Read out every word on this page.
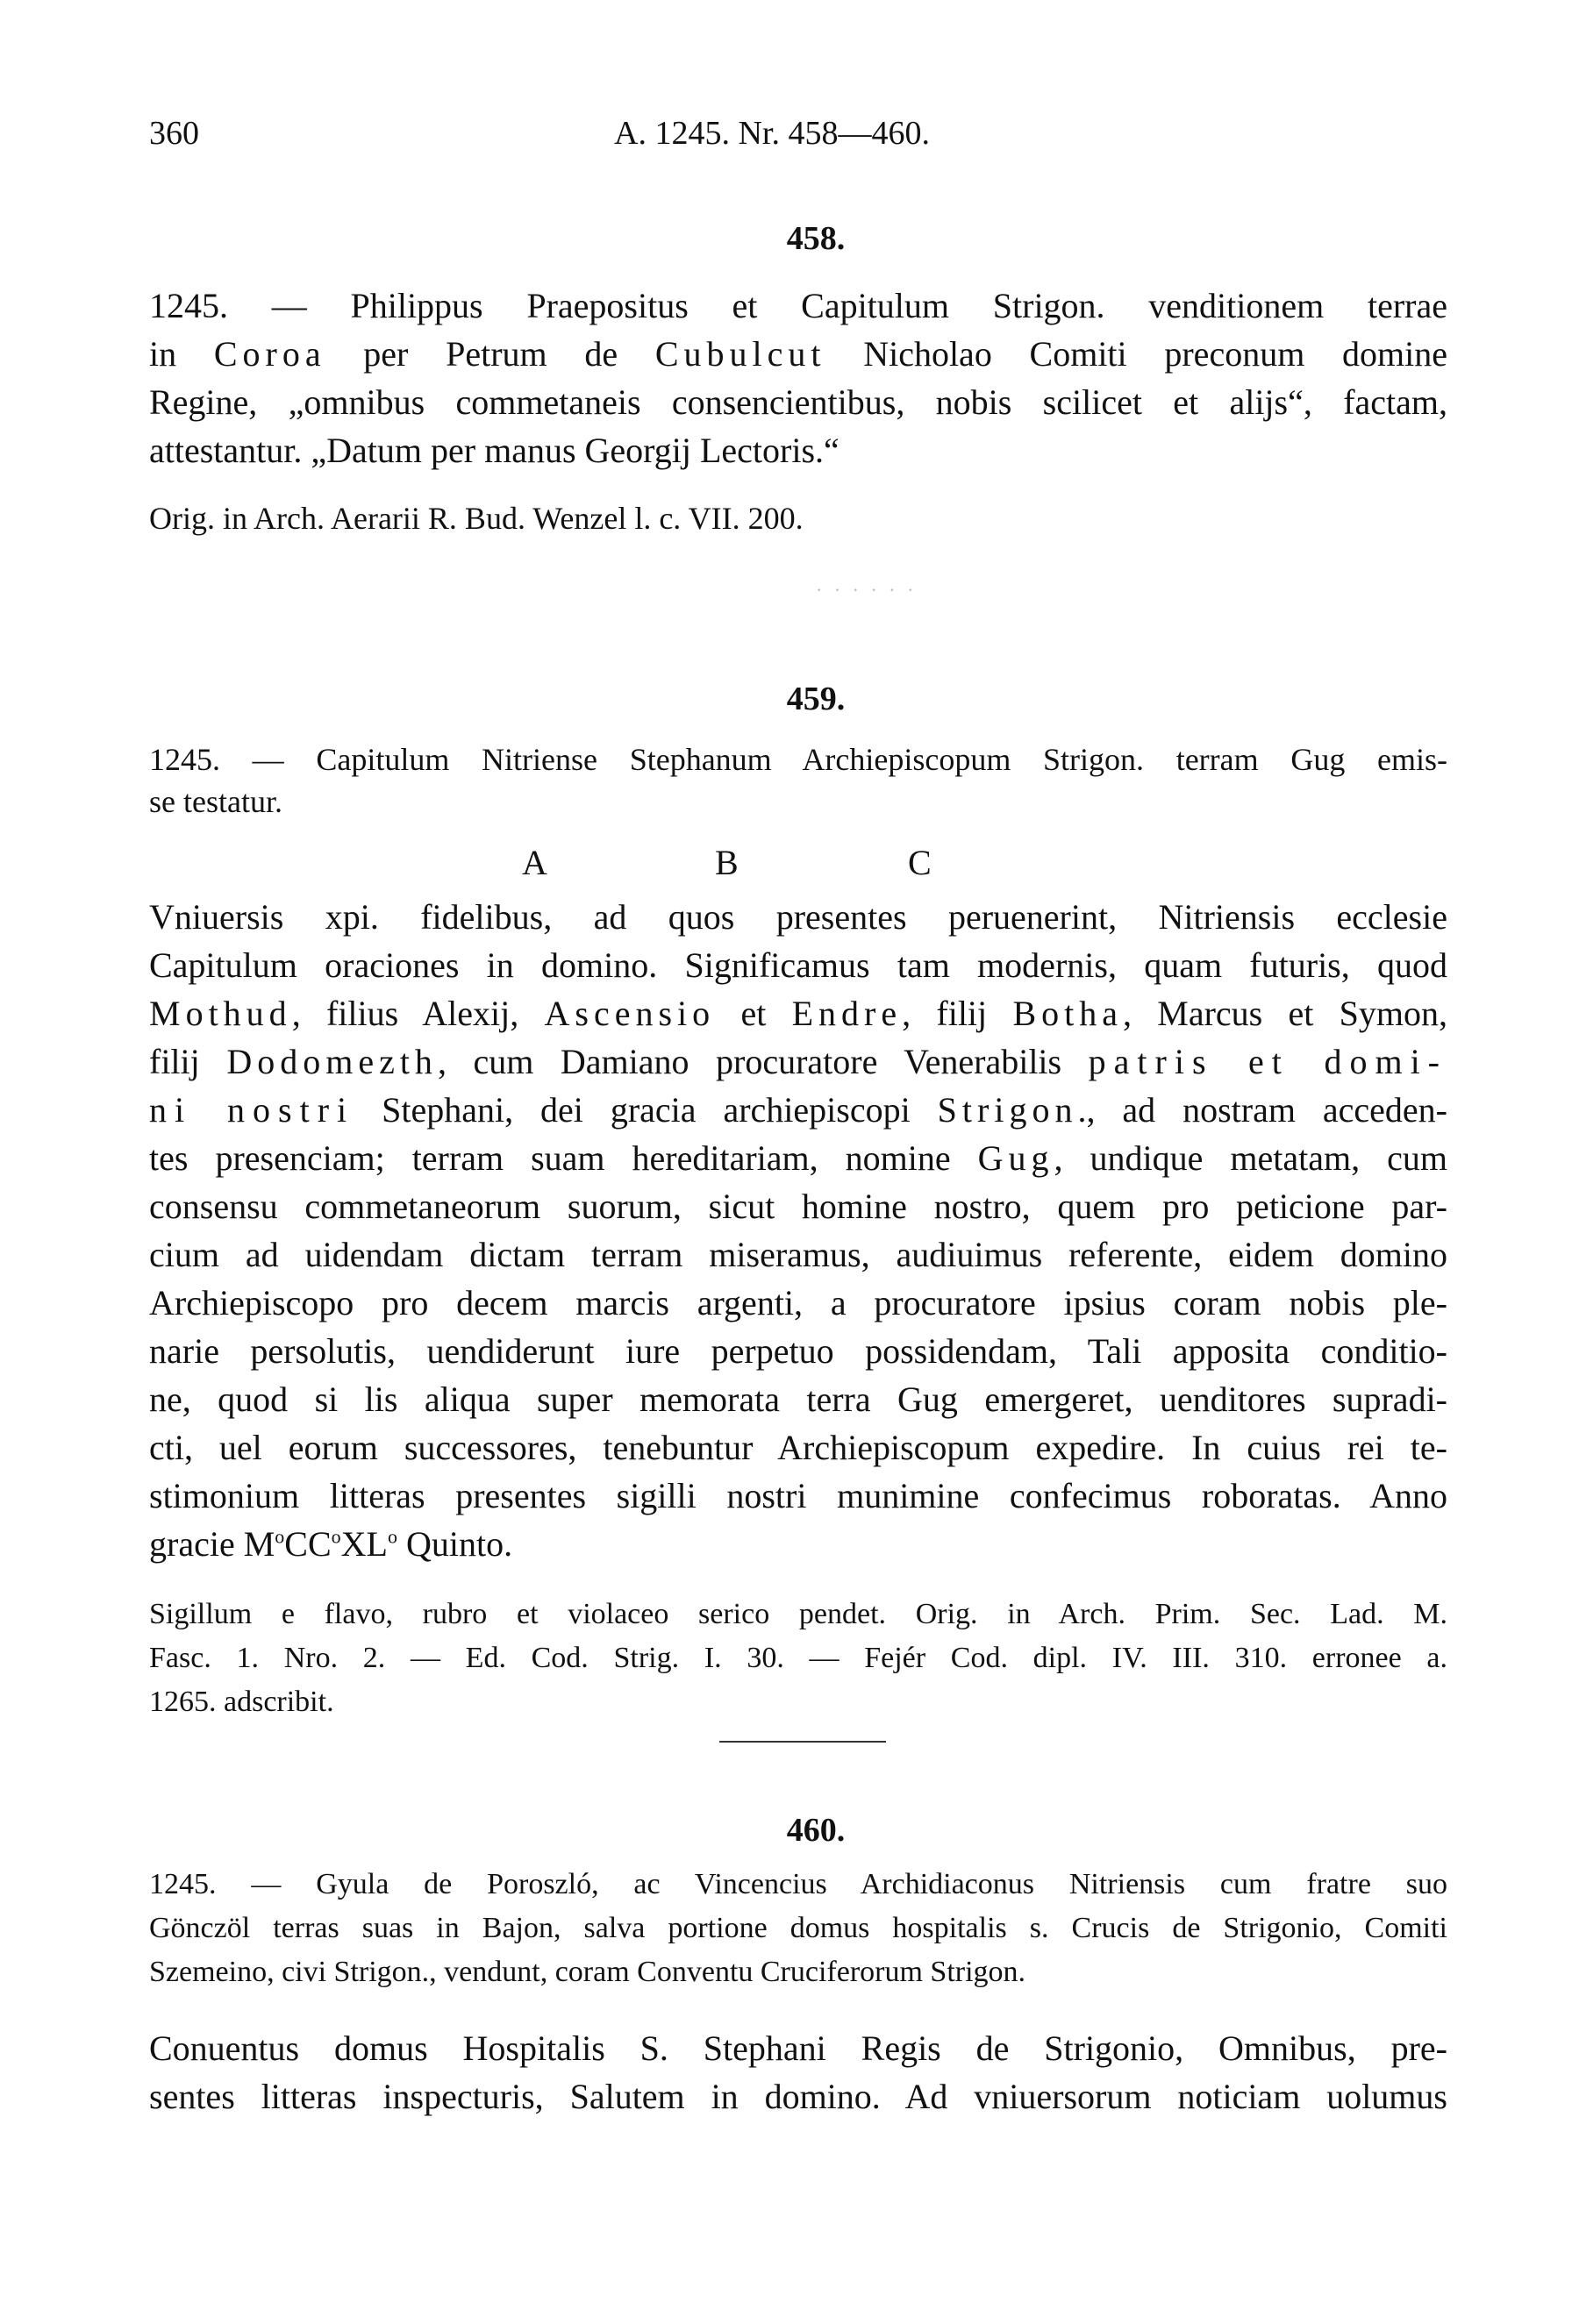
360	A. 1245. Nr. 458—460.
458.
1245. — Philippus Praepositus et Capitulum Strigon. venditionem terrae
in Coroa per Petrum de Cubulcut Nicholao Comiti preconum domine
Regine, „omnibus commetaneis consencientibus, nobis scilicet et alijs“, factam,
attestantur. „Datum per manus Georgij Lectoris.“
Orig. in Arch. Aerarii R. Bud. Wenzel l. c. VII. 200.
· · · · · ·
459.
1245. — Capitulum Nitriense Stephanum Archiepiscopum Strigon. terram Gug emis-
se testatur.
A	B	C
Vniuersis xpi. fidelibus, ad quos presentes peruenerint, Nitriensis ecclesie
Capitulum oraciones in domino. Significamus tam modernis, quam futuris, quod
Mothud, filius Alexij, Ascensio et Endre, filij Botha, Marcus et Symon,
filij Dodomezth, cum Damiano procuratore Venerabilis patris et domi-
ni nostri Stephani, dei gracia archiepiscopi Strigon., ad nostram acceden-
tes presenciam; terram suam hereditariam, nomine Gug, undique metatam, cum
consensu commetaneorum suorum, sicut homine nostro, quem pro peticione par-
cium ad uidendam dictam terram miseramus, audiuimus referente, eidem domino
Archiepiscopo pro decem marcis argenti, a procuratore ipsius coram nobis ple-
narie persolutis, uendiderunt iure perpetuo possidendam, Tali apposita conditio-
ne, quod si lis aliqua super memorata terra Gug emergeret, uenditores supradi-
cti, uel eorum successores, tenebuntur Archiepiscopum expedire. In cuius rei te-
stimonium litteras presentes sigilli nostri munimine confecimus roboratas. Anno
gracie $M^oCC^oXL^o$ Quinto.
Sigillum e flavo, rubro et violaceo serico pendet. Orig. in Arch. Prim. Sec. Lad. M.
Fasc. 1. Nro. 2. — Ed. Cod. Strig. I. 30. — Fejér Cod. dipl. IV. III. 310. erronee a.
1265. adscribit.
460.
1245. — Gyula de Poroszló, ac Vincencius Archidiaconus Nitriensis cum fratre suo
Gönczöl terras suas in Bajon, salva portione domus hospitalis s. Crucis de Strigonio, Comiti
Szemeino, civi Strigon., vendunt, coram Conventu Cruciferorum Strigon.
Conuentus domus Hospitalis S. Stephani Regis de Strigonio, Omnibus, pre-
sentes litteras inspecturis, Salutem in domino. Ad vniuersorum noticiam uolumus
